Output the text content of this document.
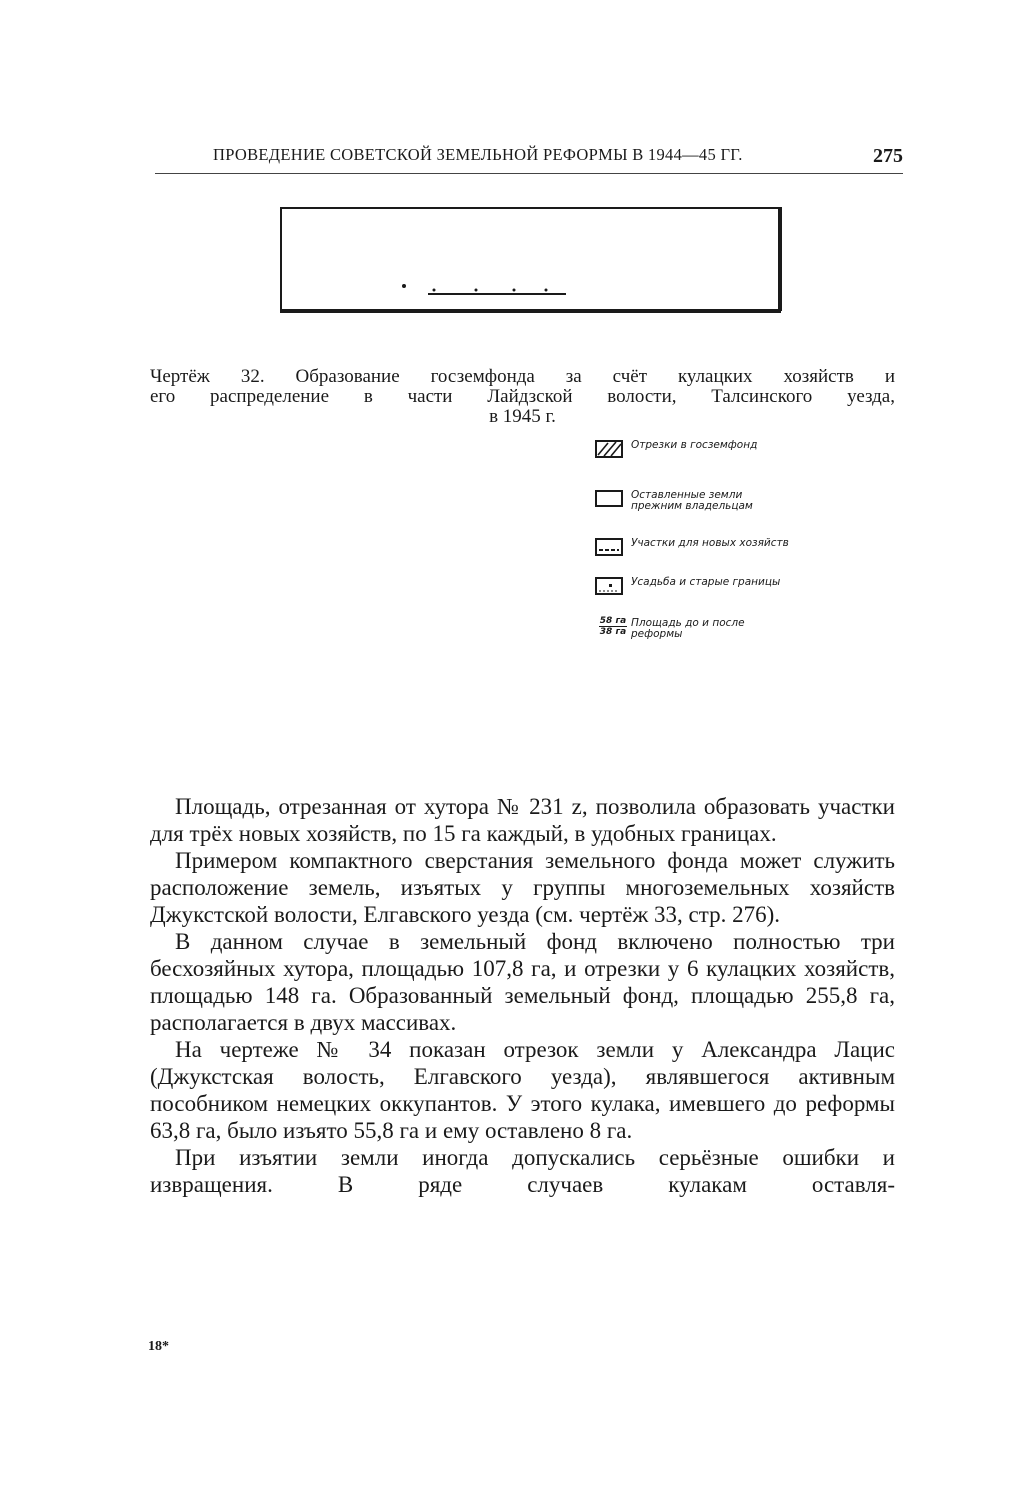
ПРОВЕДЕНИЕ СОВЕТСКОЙ ЗЕМЕЛЬНОЙ РЕФОРМЫ В 1944—45 ГГ.	275
Отрезки в госземфонд
Оставленные земли прежним владельцам
Участки для новых хозяйств
Усадьба и старые границы
58 га
38 га
Площадь до и после реформы
Чертёж 32. Образование госземфонда за счёт кулацких хозяйств и
его распределение в части Лайдзской волости, Талсинского уезда,
в 1945 г.

Площадь, отрезанная от хутора № 231 z, позволила образовать участки для трёх новых хозяйств, по 15 га каждый, в удобных границах.

Примером компактного сверстания земельного фонда может служить расположение земель, изъятых у группы многоземельных хозяйств Джукстской волости, Елгавского уезда (см. чертёж 33, стр. 276).

В данном случае в земельный фонд включено полностью три бесхозяйных хутора, площадью 107,8 га, и отрезки у 6 кулацких хозяйств, площадью 148 га. Образованный земельный фонд, площадью 255,8 га, располагается в двух массивах.

На чертеже № 34 показан отрезок земли у Александра Лацис (Джукстская волость, Елгавского уезда), являвшегося активным пособником немецких оккупантов. У этого кулака, имевшего до реформы 63,8 га, было изъято 55,8 га и ему оставлено 8 га.

При изъятии земли иногда допускались серьёзные ошибки и извращения. В ряде случаев кулакам оставля-

18*
